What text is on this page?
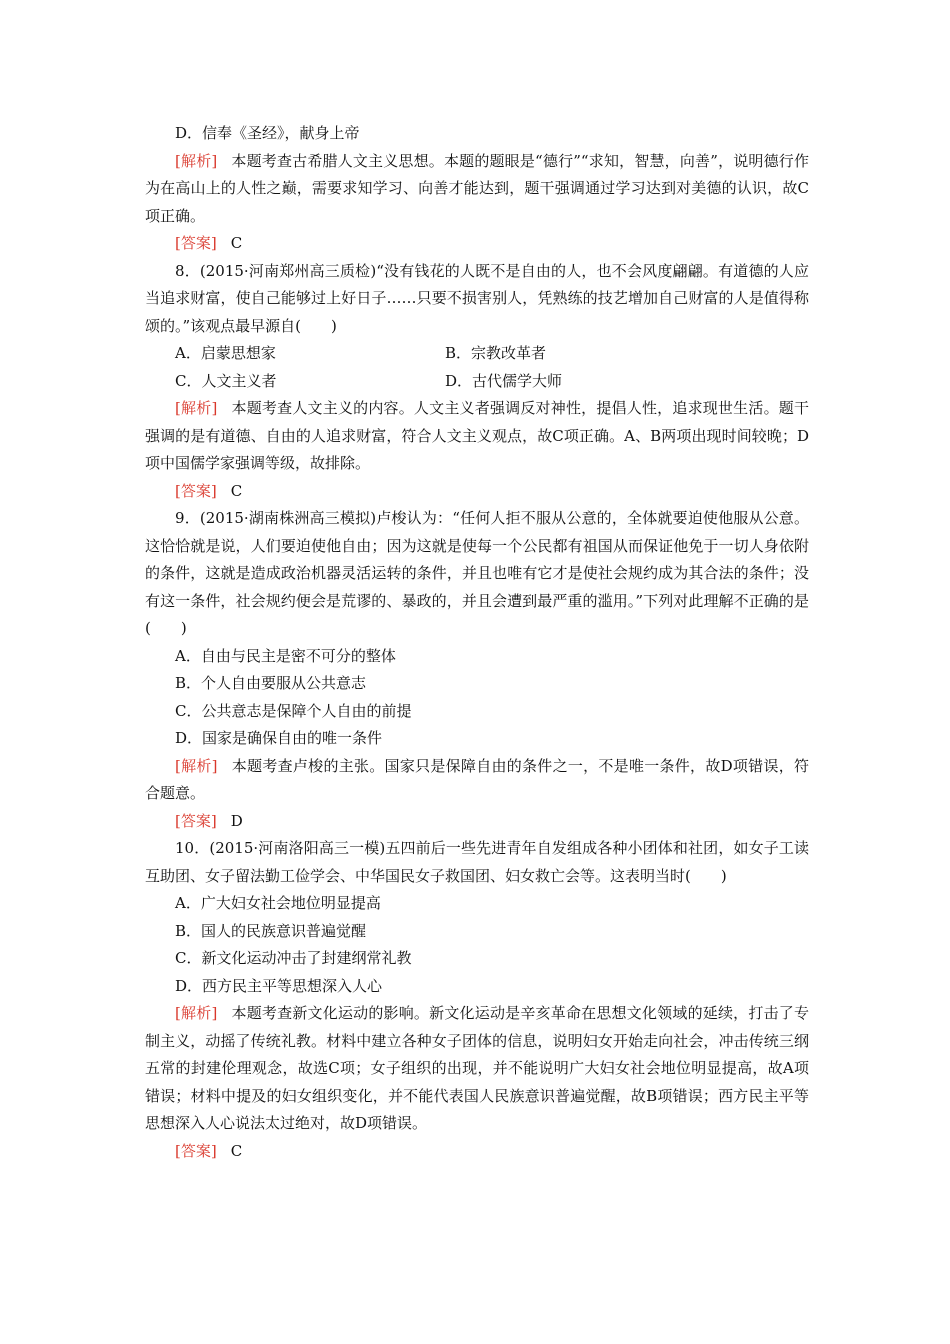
D．信奉《圣经》，献身上帝
[解析] 本题考查古希腊人文主义思想。本题的题眼是“德行”“求知，智慧，向善”，说明德行作为在高山上的人性之巅，需要求知学习、向善才能达到，题干强调通过学习达到对美德的认识，故C项正确。
[答案] C
8．(2015·河南郑州高三质检)“没有钱花的人既不是自由的人，也不会风度翩翩。有道德的人应当追求财富，使自己能够过上好日子……只要不损害别人，凭熟练的技艺增加自己财富的人是值得称颂的。”该观点最早源自(　　)
A．启蒙思想家	B．宗教改革者
C．人文主义者	D．古代儒学大师
[解析] 本题考查人文主义的内容。人文主义者强调反对神性，提倡人性，追求现世生活。题干强调的是有道德、自由的人追求财富，符合人文主义观点，故C项正确。A、B两项出现时间较晚；D项中国儒学家强调等级，故排除。
[答案] C
9．(2015·湖南株洲高三模拟)卢梭认为：“任何人拒不服从公意的，全体就要迫使他服从公意。这恰恰就是说，人们要迫使他自由；因为这就是使每一个公民都有祖国从而保证他免于一切人身依附的条件，这就是造成政治机器灵活运转的条件，并且也唯有它才是使社会规约成为其合法的条件；没有这一条件，社会规约便会是荒谬的、暴政的，并且会遭到最严重的滥用。”下列对此理解不正确的是(　　)
A．自由与民主是密不可分的整体
B．个人自由要服从公共意志
C．公共意志是保障个人自由的前提
D．国家是确保自由的唯一条件
[解析] 本题考查卢梭的主张。国家只是保障自由的条件之一，不是唯一条件，故D项错误，符合题意。
[答案] D
10．(2015·河南洛阳高三一模)五四前后一些先进青年自发组成各种小团体和社团，如女子工读互助团、女子留法勤工俭学会、中华国民女子救国团、妇女救亡会等。这表明当时(　　)
A．广大妇女社会地位明显提高
B．国人的民族意识普遍觉醒
C．新文化运动冲击了封建纲常礼教
D．西方民主平等思想深入人心
[解析] 本题考查新文化运动的影响。新文化运动是辛亥革命在思想文化领域的延续，打击了专制主义，动摇了传统礼教。材料中建立各种女子团体的信息，说明妇女开始走向社会，冲击传统三纲五常的封建伦理观念，故选C项；女子组织的出现，并不能说明广大妇女社会地位明显提高，故A项错误；材料中提及的妇女组织变化，并不能代表国人民族意识普遍觉醒，故B项错误；西方民主平等思想深入人心说法太过绝对，故D项错误。
[答案] C
